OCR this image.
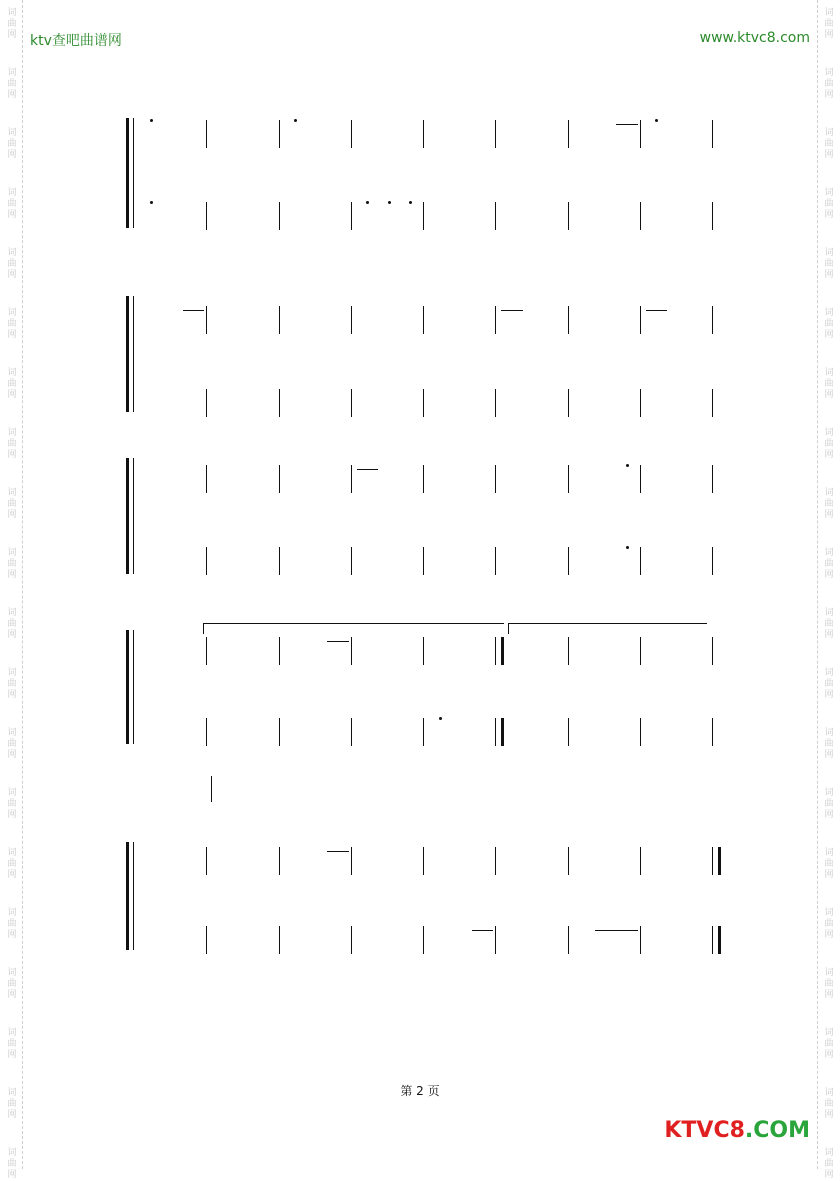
ktv查吧曲谱网	www.ktvc8.com
第 2 页
KTVC8.COM
词
曲
网
词
曲
网
词
曲
网
词
曲
网
词
曲
网
词
曲
网
词
曲
网
词
曲
网
词
曲
网
词
曲
网
词
曲
网
词
曲
网
词
曲
网
词
曲
网
词
曲
网
词
曲
网
词
曲
网
词
曲
网
词
曲
网
词
曲
网
词
曲
网
词
曲
网
词
曲
网
词
曲
网
词
曲
网
词
曲
网
词
曲
网
词
曲
网
词
曲
网
词
曲
网
词
曲
网
词
曲
网
词
曲
网
词
曲
网
词
曲
网
词
曲
网
词
曲
网
词
曲
网
词
曲
网
词
曲
网
